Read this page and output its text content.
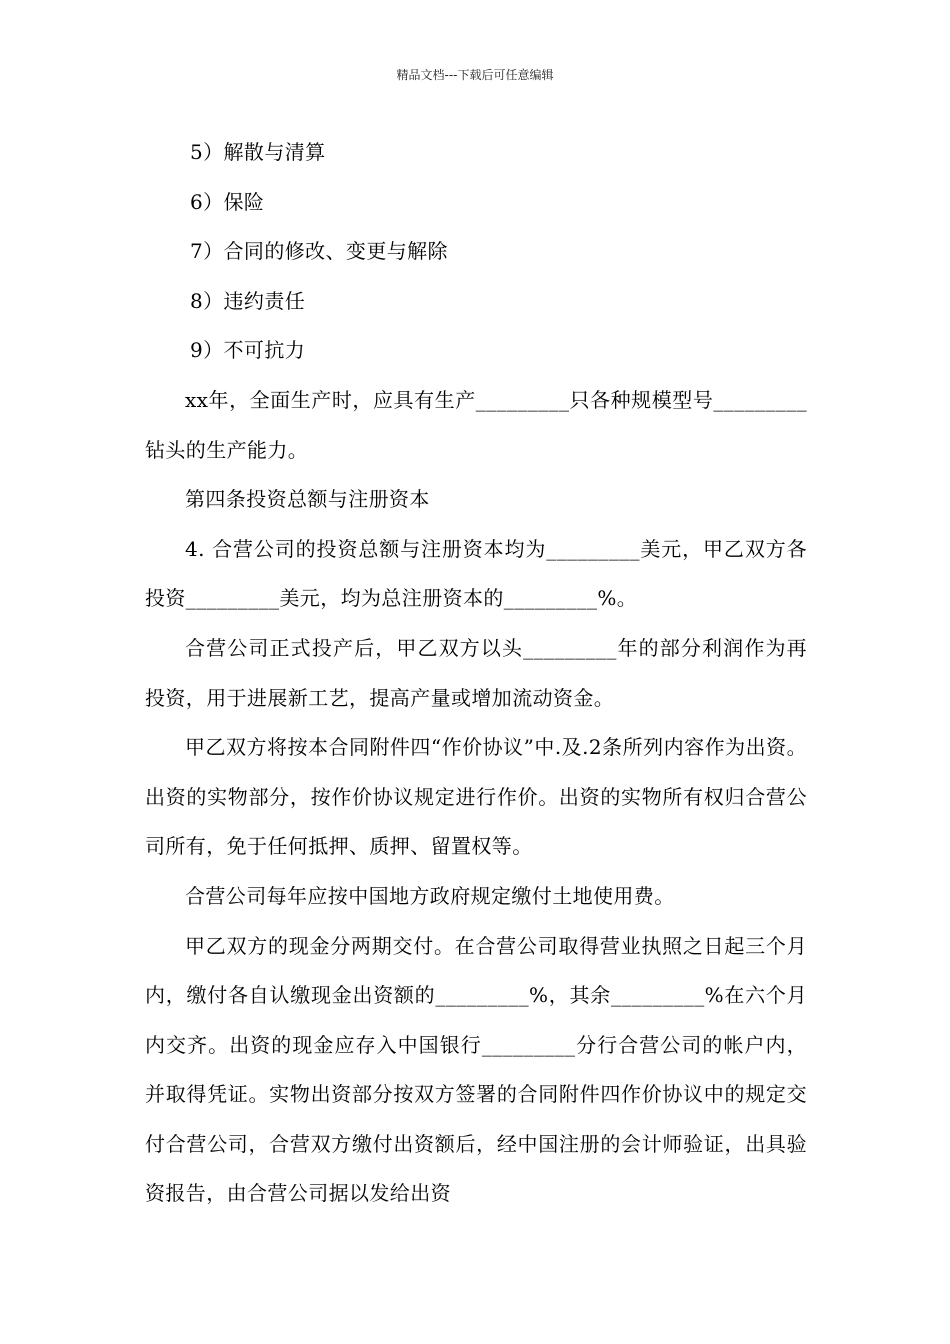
精品文档---下载后可任意编辑

5）解散与清算

6）保险

7）合同的修改、变更与解除

8）违约责任

9）不可抗力

xx年，全面生产时，应具有生产_________只各种规模型号_________钻头的生产能力。

第四条投资总额与注册资本

4. 合营公司的投资总额与注册资本均为_________美元，甲乙双方各投资_________美元，均为总注册资本的_________%。

合营公司正式投产后，甲乙双方以头_________年的部分利润作为再投资，用于进展新工艺，提高产量或增加流动资金。

甲乙双方将按本合同附件四“作价协议”中.及.2条所列内容作为出资。出资的实物部分，按作价协议规定进行作价。出资的实物所有权归合营公司所有，免于任何抵押、质押、留置权等。

合营公司每年应按中国地方政府规定缴付土地使用费。

甲乙双方的现金分两期交付。在合营公司取得营业执照之日起三个月内，缴付各自认缴现金出资额的_________%，其余_________%在六个月内交齐。出资的现金应存入中国银行_________分行合营公司的帐户内，并取得凭证。实物出资部分按双方签署的合同附件四作价协议中的规定交付合营公司，合营双方缴付出资额后，经中国注册的会计师验证，出具验资报告，由合营公司据以发给出资
